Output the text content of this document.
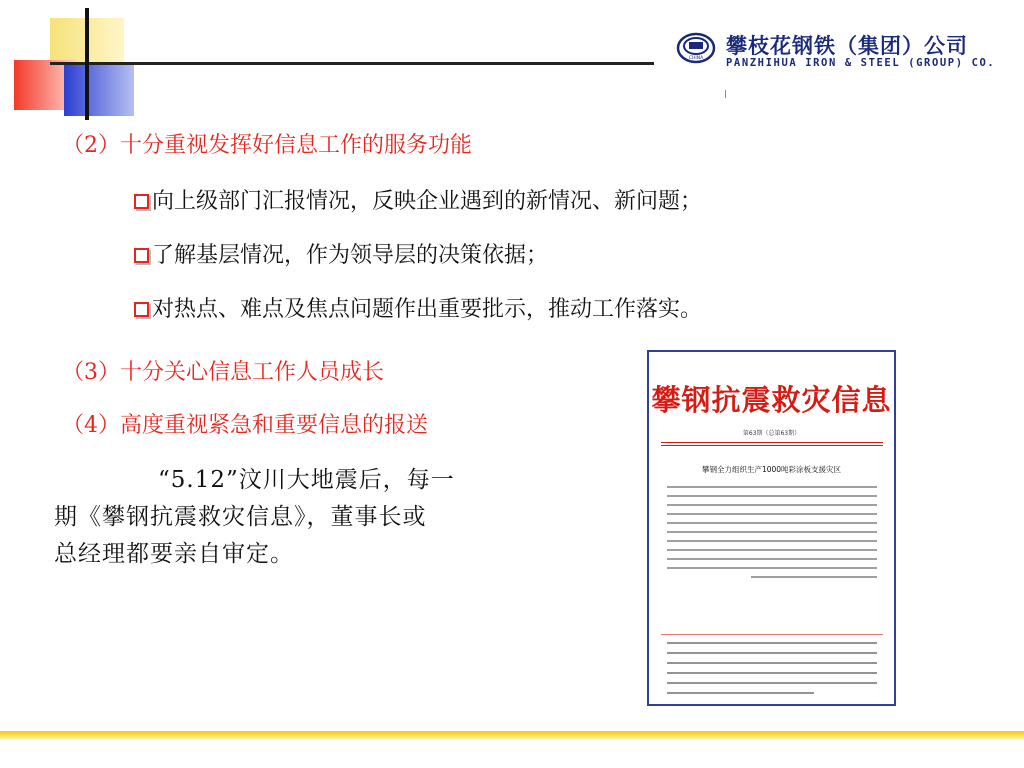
CHINA
攀枝花钢铁（集团）公司
PANZHIHUA IRON & STEEL (GROUP) CO.
（2）十分重视发挥好信息工作的服务功能
向上级部门汇报情况，反映企业遇到的新情况、新问题；
了解基层情况，作为领导层的决策依据；
对热点、难点及焦点问题作出重要批示，推动工作落实。
（3）十分关心信息工作人员成长
（4）高度重视紧急和重要信息的报送
“5.12”汶川大地震后，每一
期《攀钢抗震救灾信息》，董事长或
总经理都要亲自审定。
攀钢抗震救灾信息
第63期（总第63期）
攀钢全力组织生产1000吨彩涂板支援灾区
